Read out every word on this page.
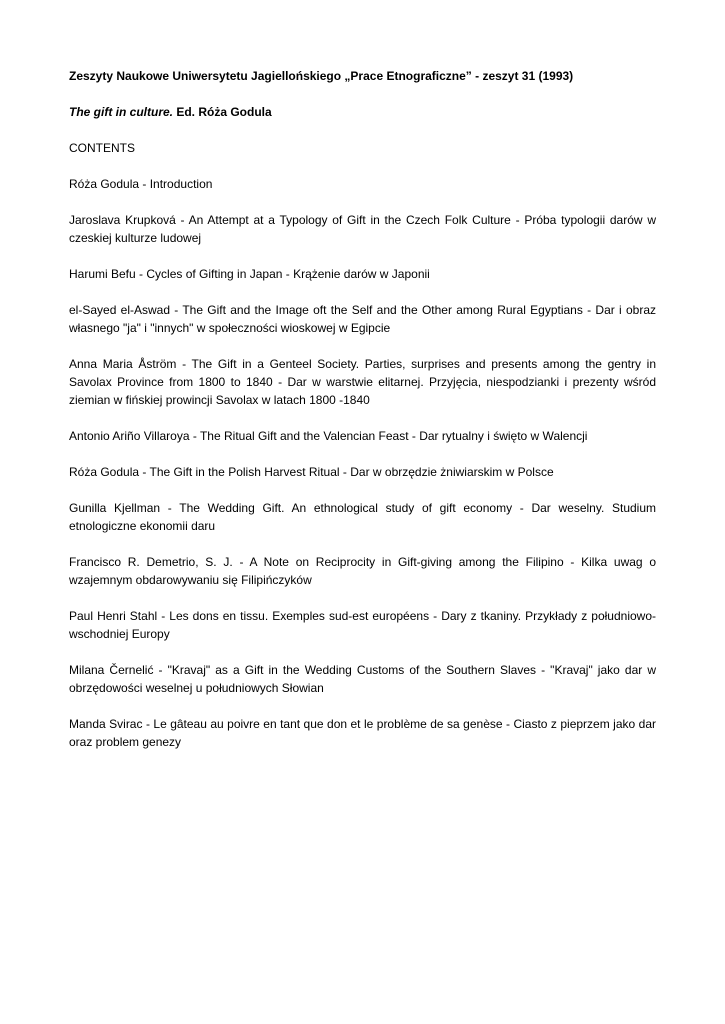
Zeszyty Naukowe Uniwersytetu Jagiellońskiego „Prace Etnograficzne” - zeszyt 31 (1993)

The gift in culture. Ed. Róża Godula

CONTENTS

Róża Godula - Introduction
Jaroslava Krupková - An Attempt at a Typology of Gift in the Czech Folk Culture - Próba typologii darów w czeskiej kulturze ludowej
Harumi Befu - Cycles of Gifting in Japan - Krążenie darów w Japonii
el-Sayed el-Aswad - The Gift and the Image oft the Self and the Other among Rural Egyptians - Dar i obraz własnego "ja" i "innych" w społeczności wioskowej w Egipcie
Anna Maria Åström - The Gift in a Genteel Society. Parties, surprises and presents among the gentry in Savolax Province from 1800 to 1840 - Dar w warstwie elitarnej. Przyjęcia, niespodzianki i prezenty wśród ziemian w fińskiej prowincji Savolax w latach 1800 -1840
Antonio Ariño Villaroya - The Ritual Gift and the Valencian Feast - Dar rytualny i święto w Walencji
Róża Godula - The Gift in the Polish Harvest Ritual - Dar w obrzędzie żniwiarskim w Polsce
Gunilla Kjellman - The Wedding Gift. An ethnological study of gift economy - Dar weselny. Studium etnologiczne ekonomii daru
Francisco R. Demetrio, S. J. - A Note on Reciprocity in Gift-giving among the Filipino - Kilka uwag o wzajemnym obdarowywaniu się Filipińczyków
Paul Henri Stahl - Les dons en tissu. Exemples sud-est européens - Dary z tkaniny. Przykłady z południowo-wschodniej Europy
Milana Černelić - "Kravaj" as a Gift in the Wedding Customs of the Southern Slaves - "Kravaj" jako dar w obrzędowości weselnej u południowych Słowian
Manda Svirac - Le gâteau au poivre en tant que don et le problème de sa genèse - Ciasto z pieprzem jako dar oraz problem genezy
